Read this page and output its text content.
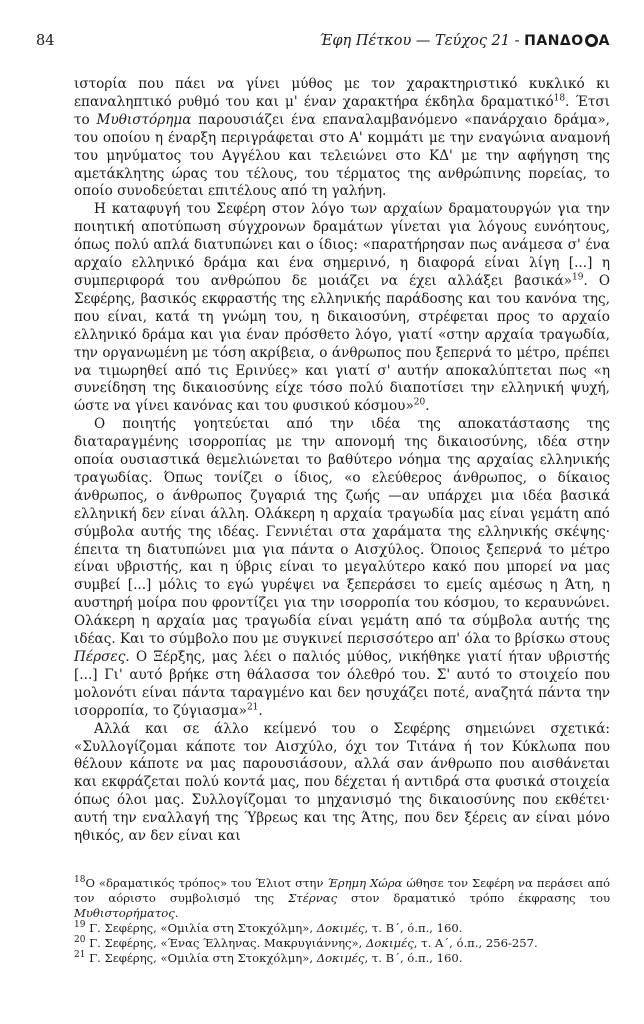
84	Έφη Πέτκου — Τεύχος 21 - ΠΑΝΔΟ Α

ιστορία που πάει να γίνει μύθος με τον χαρακτηριστικό κυκλικό κι επαναληπτικό ρυθμό του και μ' έναν χαρακτήρα έκδηλα δραματικό$^{18}$. Έτσι το Μυθιστόρημα παρουσιάζει ένα επαναλαμβανόμενο «πανάρχαιο δράμα», του οποίου η έναρξη περιγράφεται στο Α' κομμάτι με την εναγώνια αναμονή του μηνύματος του Αγγέλου και τελειώνει στο ΚΔ' με την αφήγηση της αμετάκλητης ώρας του τέλους, του τέρματος της ανθρώπινης πορείας, το οποίο συνοδεύεται επιτέλους από τη γαλήνη.

Η καταφυγή του Σεφέρη στον λόγο των αρχαίων δραματουργών για την ποιητική αποτύπωση σύγχρονων δραμάτων γίνεται για λόγους ευνόητους, όπως πολύ απλά διατυπώνει και ο ίδιος: «παρατήρησαν πως ανάμεσα σ' ένα αρχαίο ελληνικό δράμα και ένα σημερινό, η διαφορά είναι λίγη [...] η συμπεριφορά του ανθρώπου δε μοιάζει να έχει αλλάξει βασικά»$^{19}$. Ο Σεφέρης, βασικός εκφραστής της ελληνικής παράδοσης και του κανόνα της, που είναι, κατά τη γνώμη του, η δικαιοσύνη, στρέφεται προς το αρχαίο ελληνικό δράμα και για έναν πρόσθετο λόγο, γιατί «στην αρχαία τραγωδία, την οργανωμένη με τόση ακρίβεια, ο άνθρωπος που ξεπερνά το μέτρο, πρέπει να τιμωρηθεί από τις Ερινύες» και γιατί σ' αυτήν αποκαλύπτεται πως «η συνείδηση της δικαιοσύνης είχε τόσο πολύ διαποτίσει την ελληνική ψυχή, ώστε να γίνει κανόνας και του φυσικού κόσμου»$^{20}$.

Ο ποιητής γοητεύεται από την ιδέα της αποκατάστασης της διαταραγμένης ισορροπίας με την απονομή της δικαιοσύνης, ιδέα στην οποία ουσιαστικά θεμελιώνεται το βαθύτερο νόημα της αρχαίας ελληνικής τραγωδίας. Όπως τονίζει ο ίδιος, «ο ελεύθερος άνθρωπος, ο δίκαιος άνθρωπος, ο άνθρωπος ζυγαριά της ζωής —αν υπάρχει μια ιδέα βασικά ελληνική δεν είναι άλλη. Ολάκερη η αρχαία τραγωδία μας είναι γεμάτη από σύμβολα αυτής της ιδέας. Γεννιέται στα χαράματα της ελληνικής σκέψης· έπειτα τη διατυπώνει μια για πάντα ο Αισχύλος. Όποιος ξεπερνά το μέτρο είναι υβριστής, και η ύβρις είναι το μεγαλύτερο κακό που μπορεί να μας συμβεί [...] μόλις το εγώ γυρέψει να ξεπεράσει το εμείς αμέσως η Άτη, η αυστηρή μοίρα που φροντίζει για την ισορροπία του κόσμου, το κεραυνώνει. Ολάκερη η αρχαία μας τραγωδία είναι γεμάτη από τα σύμβολα αυτής της ιδέας. Και το σύμβολο που με συγκινεί περισσότερο απ' όλα το βρίσκω στους Πέρσες. Ο Ξέρξης, μας λέει ο παλιός μύθος, νικήθηκε γιατί ήταν υβριστής [...] Γι' αυτό βρήκε στη θάλασσα τον όλεθρό του. Σ' αυτό το στοιχείο που μολονότι είναι πάντα ταραγμένο και δεν ησυχάζει ποτέ, αναζητά πάντα την ισορροπία, το ζύγιασμα»$^{21}$.

Αλλά και σε άλλο κείμενό του ο Σεφέρης σημειώνει σχετικά: «Συλλογίζομαι κάποτε τον Αισχύλο, όχι τον Τιτάνα ή τον Κύκλωπα που θέλουν κάποτε να μας παρουσιάσουν, αλλά σαν άνθρωπο που αισθάνεται και εκφράζεται πολύ κοντά μας, που δέχεται ή αντιδρά στα φυσικά στοιχεία όπως όλοι μας. Συλλογίζομαι το μηχανισμό της δικαιοσύνης που εκθέτει· αυτή την εναλλαγή της Ύβρεως και της Άτης, που δεν ξέρεις αν είναι μόνο ηθικός, αν δεν είναι και

$^{18}$Ο «δραματικός τρόπος» του Έλιοτ στην Έρημη Χώρα ώθησε τον Σεφέρη να περάσει από τον αόριστο συμβολισμό της Στέρνας στον δραματικό τρόπο έκφρασης του Μυθιστορήματος.

$^{19}$ Γ. Σεφέρης, «Ομιλία στη Στοκχόλμη», Δοκιμές, τ. Β΄, ό.π., 160.

$^{20}$ Γ. Σεφέρης, «Ένας Έλληνας. Μακρυγιάννης», Δοκιμές, τ. Α΄, ό.π., 256-257.

$^{21}$ Γ. Σεφέρης, «Ομιλία στη Στοκχόλμη», Δοκιμές, τ. Β΄, ό.π., 160.
